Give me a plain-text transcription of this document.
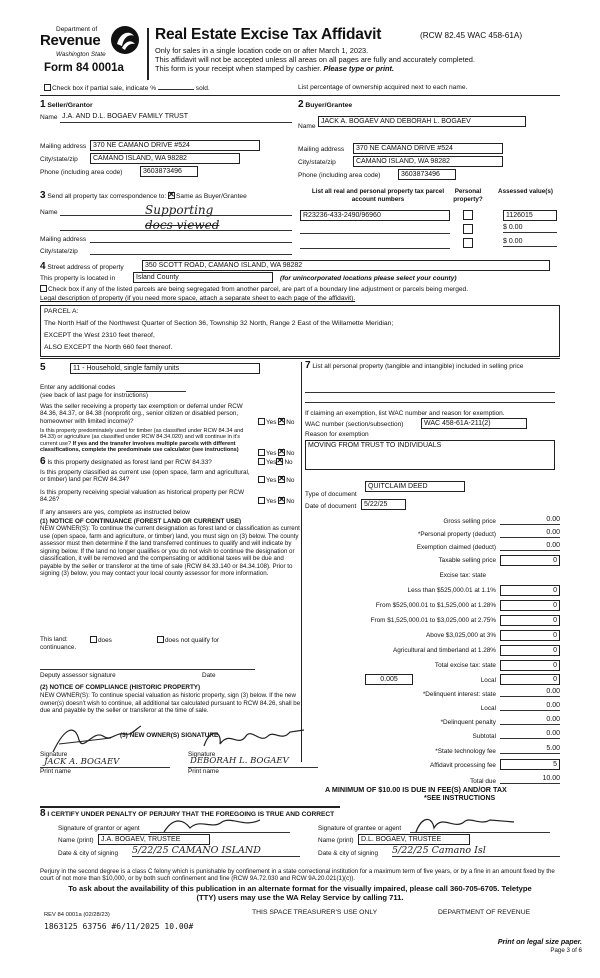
Department of
Revenue
Washington State
Form 84 0001a
Real Estate Excise Tax Affidavit	(RCW 82.45 WAC 458-61A)
Only for sales in a single location code on or after March 1, 2023.
This affidavit will not be accepted unless all areas on all pages are fully and accurately completed.
This form is your receipt when stamped by cashier. Please type or print.
Check box if partial sale, indicate %	sold.	List percentage of ownership acquired next to each name.
1 Seller/Grantor
Name J.A. AND D.L. BOGAEV FAMILY TRUST
Mailing address 370 NE CAMANO DRIVE #524
City/state/zip	CAMANO ISLAND, WA 98282
Phone (including area code)	3603873496
2 Buyer/Grantee
Name
JACK A. BOGAEV AND DEBORAH L. BOGAEV
Mailing address	370 NE CAMANO DRIVE #524
City/state/zip	CAMANO ISLAND, WA 98282
Phone (including area code)	3603873496
3 Send all property tax correspondence to: ✕ Same as Buyer/Grantee
Name	Supporting
docs viewed
Mailing address
City/state/zip
List all real and personal property tax parcel account numbers
Personal property?
Assessed value(s)
R23236-433-2490/96960	1126015
$ 0.00
$ 0.00
4 Street address of property	350 SCOTT ROAD, CAMANO ISLAND, WA 98282
This property is located in	Island County	(for unincorporated locations please select your county)
Check box if any of the listed parcels are being segregated from another parcel, are part of a boundary line adjustment or parcels being merged.
Legal description of property (if you need more space, attach a separate sheet to each page of the affidavit).
PARCEL A:
The North Half of the Northwest Quarter of Section 36, Township 32 North, Range 2 East of the Willamette Meridian;
EXCEPT the West 2310 feet thereof,
ALSO EXCEPT the North 660 feet thereof.
5	11 - Household, single family units
Enter any additional codes
(see back of last page for instructions)
Was the seller receiving a property tax exemption or deferral under RCW 84.36, 84.37, or 84.38 (nonprofit org., senior citizen or disabled person, homeowner with limited income)?	Yes ✕ No
Is this property predominately used for timber (as classified under RCW 84.34 and 84.33) or agriculture (as classified under RCW 84.34.020) and will continue in it's current use? If yes and the transfer involves multiple parcels with different classifications, complete the predominate use calculator (see instructions)	Yes ✕ No
6 Is this property designated as forest land per RCW 84.33?	Yes ✕ No
Is this property classified as current use (open space, farm and agricultural, or timber) land per RCW 84.34?	Yes ✕ No
Is this property receiving special valuation as historical property per RCW 84.26?	Yes ✕ No
If any answers are yes, complete as instructed below
(1) NOTICE OF CONTINUANCE (FOREST LAND OR CURRENT USE)
NEW OWNER(S): To continue the current designation as forest land or classification as current use (open space, farm and agriculture, or timber) land, you must sign on (3) below. The county assessor must then determine if the land transferred continues to qualify and will indicate by signing below. If the land no longer qualifies or you do not wish to continue the designation or classification, it will be removed and the compensating or additional taxes will be due and payable by the seller or transferor at the time of sale (RCW 84.33.140 or 84.34.108). Prior to signing (3) below, you may contact your local county assessor for more information.
This land:
continuance.
does	does not qualify for
Deputy assessor signature	Date
(2) NOTICE OF COMPLIANCE (HISTORIC PROPERTY)
NEW OWNER(S): To continue special valuation as historic property, sign (3) below. If the new owner(s) doesn't wish to continue, all additional tax calculated pursuant to RCW 84.26, shall be due and payable by the seller or transferor at the time of sale.
(3) NEW OWNER(S) SIGNATURE
Signature	Signature
JACK A. BOGAEV	DEBORAH L. BOGAEV
Print name	Print name
7 List all personal property (tangible and intangible) included in selling price
If claiming an exemption, list WAC number and reason for exemption.
WAC number (section/subsection)	WAC 458-61A-211(2)
Reason for exemption
MOVING FROM TRUST TO INDIVIDUALS
Type of document
QUITCLAIM DEED
Date of document	5/22/25
Gross selling price	0.00
*Personal property (deduct)	0.00
Exemption claimed (deduct)	0.00
Taxable selling price	0
Excise tax: state
Less than $525,000.01 at 1.1%	0
From $525,000.01 to $1,525,000 at 1.28%	0
From $1,525,000.01 to $3,025,000 at 2.75%	0
Above $3,025,000 at 3%	0
Agricultural and timberland at 1.28%	0
Total excise tax: state	0
0.005	Local	0
*Delinquent interest: state	0.00
Local	0.00
*Delinquent penalty	0.00
Subtotal	0.00
*State technology fee	5.00
Affidavit processing fee	5
Total due	10.00
A MINIMUM OF $10.00 IS DUE IN FEE(S) AND/OR TAX
*SEE INSTRUCTIONS
8 I CERTIFY UNDER PENALTY OF PERJURY THAT THE FOREGOING IS TRUE AND CORRECT
Signature of grantor or agent
Name (print)	J.A. BOGAEV, TRUSTEE
Date & city of signing 5/22/25 CAMANO ISLAND
Signature of grantee or agent
Name (print)	D.L. BOGAEV, TRUSTEE
Date & city of signing 5/22/25 Camano Isl
Perjury in the second degree is a class C felony which is punishable by confinement in a state correctional institution for a maximum term of five years, or by a fine in an amount fixed by the court of not more than $10,000, or by both such confinement and fine (RCW 9A.72.030 and RCW 9A.20.021(1)(c)).
To ask about the availability of this publication in an alternate format for the visually impaired, please call 360-705-6705. Teletype (TTY) users may use the WA Relay Service by calling 711.
REV 84 0001a (02/28/23)	THIS SPACE TREASURER'S USE ONLY	DEPARTMENT OF REVENUE
1863125 63756 #6/11/2025 10.00#
Print on legal size paper.
Page 3 of 6
